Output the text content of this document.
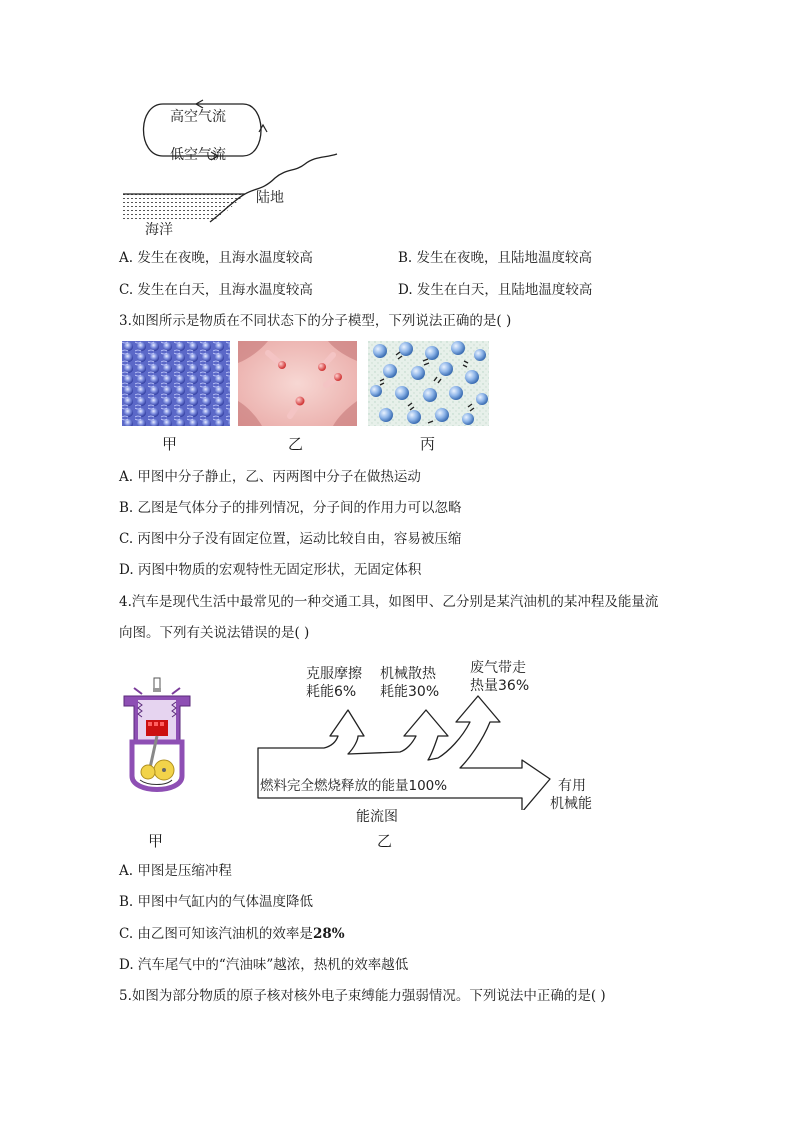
高空气流
低空气流
陆地
海洋
A. 发生在夜晚，且海水温度较高	B. 发生在夜晚，且陆地温度较高
C. 发生在白天，且海水温度较高	D. 发生在白天，且陆地温度较高
3.如图所示是物质在不同状态下的分子模型，下列说法正确的是( )
甲	乙	丙
A. 甲图中分子静止，乙、丙两图中分子在做热运动
B. 乙图是气体分子的排列情况，分子间的作用力可以忽略
C. 丙图中分子没有固定位置，运动比较自由，容易被压缩
D. 丙图中物质的宏观特性无固定形状，无固定体积
4.汽车是现代生活中最常见的一种交通工具，如图甲、乙分别是某汽油机的某冲程及能量流
向图。下列有关说法错误的是( )
甲
克服摩擦
耗能6%
机械散热
耗能30%
废气带走
热量36%
燃料完全燃烧释放的能量100%	有用
机械能
能流图
乙
A. 甲图是压缩冲程
B. 甲图中气缸内的气体温度降低
C. 由乙图可知该汽油机的效率是28%
D. 汽车尾气中的“汽油味”越浓，热机的效率越低
5.如图为部分物质的原子核对核外电子束缚能力强弱情况。下列说法中正确的是( )
